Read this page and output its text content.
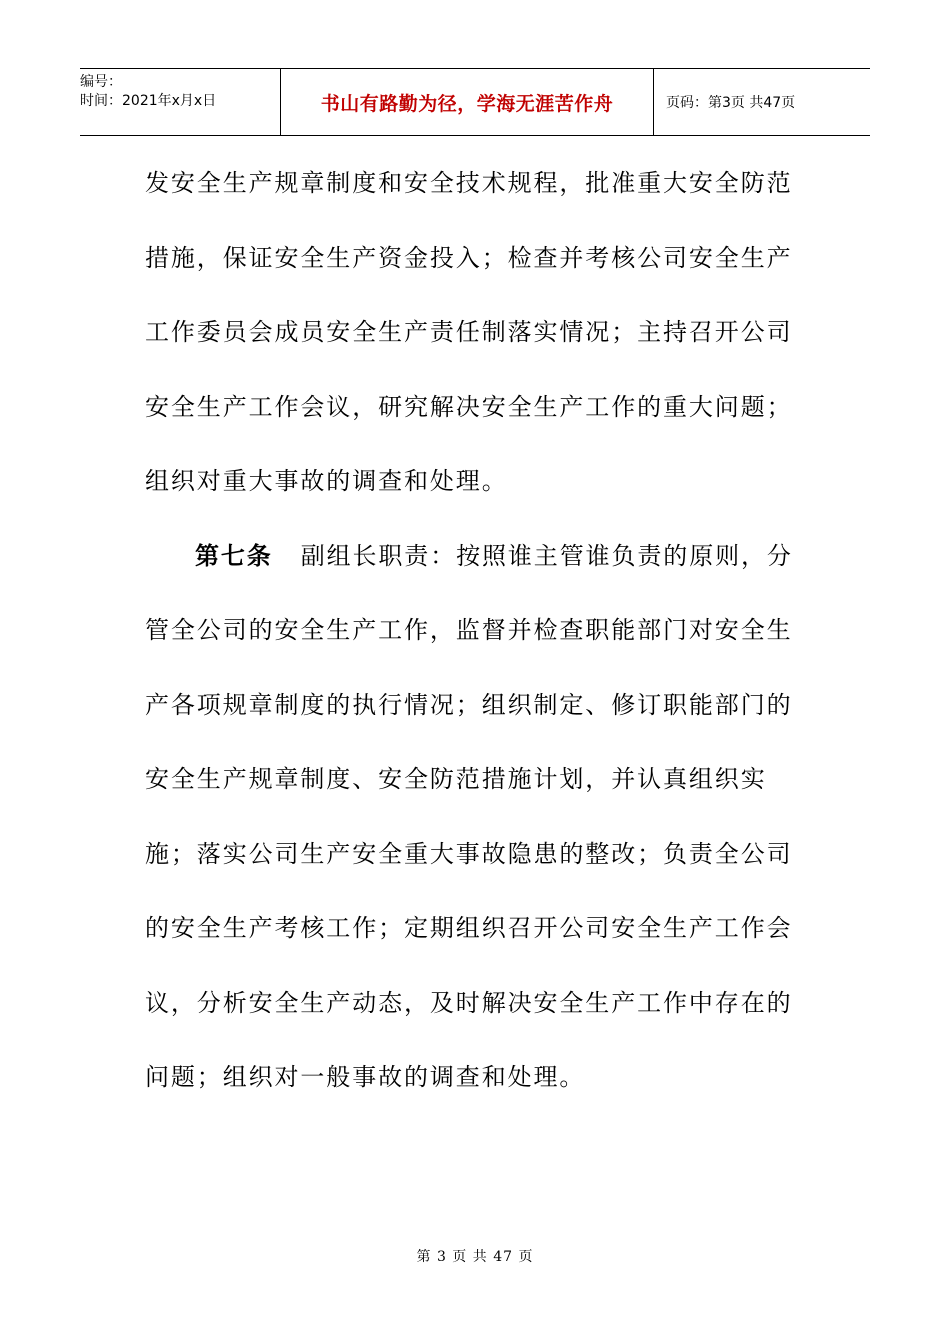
编号：
时间：2021年x月x日	书山有路勤为径，学海无涯苦作舟	页码：第3页 共47页
发安全生产规章制度和安全技术规程，批准重大安全防范
措施，保证安全生产资金投入；检查并考核公司安全生产
工作委员会成员安全生产责任制落实情况；主持召开公司
安全生产工作会议，研究解决安全生产工作的重大问题；
组织对重大事故的调查和处理。
第七条 副组长职责：按照谁主管谁负责的原则，分
管全公司的安全生产工作，监督并检查职能部门对安全生
产各项规章制度的执行情况；组织制定、修订职能部门的
安全生产规章制度、安全防范措施计划，并认真组织实
施；落实公司生产安全重大事故隐患的整改；负责全公司
的安全生产考核工作；定期组织召开公司安全生产工作会
议，分析安全生产动态，及时解决安全生产工作中存在的
问题；组织对一般事故的调查和处理。
第 3 页 共 47 页
